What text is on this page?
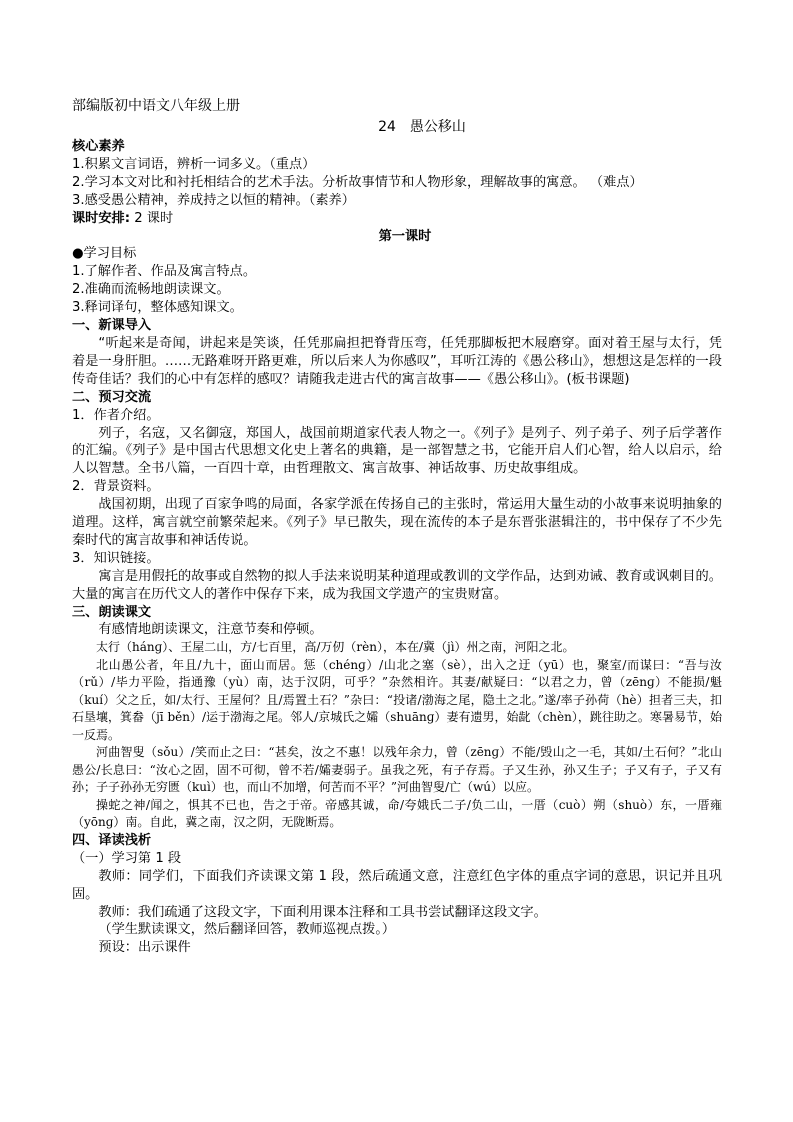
部编版初中语文八年级上册
24　愚公移山
核心素养
1.积累文言词语，辨析一词多义。（重点）
2.学习本文对比和衬托相结合的艺术手法。分析故事情节和人物形象，理解故事的寓意。 （难点）
3.感受愚公精神，养成持之以恒的精神。（素养）
课时安排: 2 课时
第一课时
●学习目标
1.了解作者、作品及寓言特点。
2.准确而流畅地朗读课文。
3.释词译句，整体感知课文。
一、新课导入
“听起来是奇闻，讲起来是笑谈，任凭那扁担把脊背压弯，任凭那脚板把木屐磨穿。面对着王屋与太行，凭着是一身肝胆。……无路难呀开路更难，所以后来人为你感叹”，耳听江涛的《愚公移山》，想想这是怎样的一段传奇佳话？我们的心中有怎样的感叹？请随我走进古代的寓言故事——《愚公移山》。(板书课题)
二、预习交流
1．作者介绍。
列子，名寇，又名御寇，郑国人，战国前期道家代表人物之一。《列子》是列子、列子弟子、列子后学著作的汇编。《列子》是中国古代思想文化史上著名的典籍，是一部智慧之书，它能开启人们心智，给人以启示，给人以智慧。全书八篇，一百四十章，由哲理散文、寓言故事、神话故事、历史故事组成。
2．背景资料。
战国初期，出现了百家争鸣的局面，各家学派在传扬自己的主张时，常运用大量生动的小故事来说明抽象的道理。这样，寓言就空前繁荣起来。《列子》早已散失，现在流传的本子是东晋张湛辑注的，书中保存了不少先秦时代的寓言故事和神话传说。
3．知识链接。
寓言是用假托的故事或自然物的拟人手法来说明某种道理或教训的文学作品，达到劝诫、教育或讽刺目的。大量的寓言在历代文人的著作中保存下来，成为我国文学遗产的宝贵财富。
三、朗读课文
有感情地朗读课文，注意节奏和停顿。
太行（hánɡ）、王屋二山，方/七百里，高/万仞（rèn），本在/冀（jì）州之南，河阳之北。
北山愚公者，年且/九十，面山而居。惩（chénɡ）/山北之塞（sè），出入之迂（yū）也，聚室/而谋曰：“吾与汝（rǔ）/毕力平险，指通豫（yù）南，达于汉阴，可乎？”杂然相许。其妻/献疑曰：“以君之力，曾（zēnɡ）不能损/魁（kuí）父之丘，如/太行、王屋何？且/焉置土石？”杂曰：“投诸/渤海之尾，隐土之北。”遂/率子孙荷（hè）担者三夫，扣石垦壤，箕畚（jī běn）/运于渤海之尾。邻人/京城氏之孀（shuānɡ）妻有遗男，始龀（chèn），跳往助之。寒暑易节，始一反焉。
河曲智叟（sǒu）/笑而止之曰：“甚矣，汝之不惠！以残年余力，曾（zēnɡ）不能/毁山之一毛，其如/土石何？”北山愚公/长息曰：“汝心之固，固不可彻，曾不若/孀妻弱子。虽我之死，有子存焉。子又生孙，孙又生子；子又有子，子又有孙；子子孙孙无穷匮（kuì）也，而山不加增，何苦而不平？”河曲智叟/亡（wú）以应。
操蛇之神/闻之，惧其不已也，告之于帝。帝感其诚，命/夸娥氏二子/负二山，一厝（cuò）朔（shuò）东，一厝雍（yōnɡ）南。自此，冀之南，汉之阴，无陇断焉。
四、译读浅析
（一）学习第 1 段
教师：同学们，下面我们齐读课文第 1 段，然后疏通文意，注意红色字体的重点字词的意思，识记并且巩固。
教师：我们疏通了这段文字，下面利用课本注释和工具书尝试翻译这段文字。
（学生默读课文，然后翻译回答，教师巡视点拨。）
预设：出示课件
